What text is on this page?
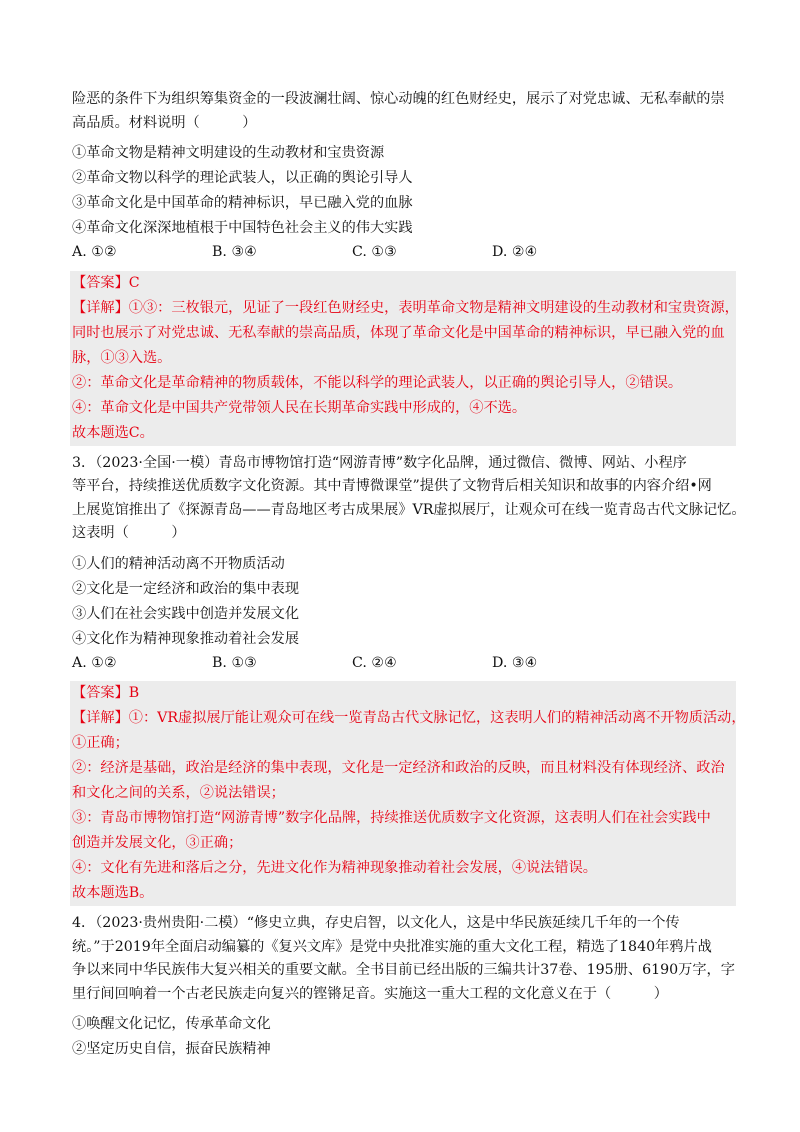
险恶的条件下为组织筹集资金的一段波澜壮阔、惊心动魄的红色财经史，展示了对党忠诚、无私奉献的崇
高品质。材料说明（　　　）
①革命文物是精神文明建设的生动教材和宝贵资源
②革命文物以科学的理论武装人，以正确的舆论引导人
③革命文化是中国革命的精神标识，早已融入党的血脉
④革命文化深深地植根于中国特色社会主义的伟大实践
A. ①②	B. ③④	C. ①③	D. ②④
【答案】C
【详解】①③：三枚银元，见证了一段红色财经史，表明革命文物是精神文明建设的生动教材和宝贵资源，
同时也展示了对党忠诚、无私奉献的崇高品质，体现了革命文化是中国革命的精神标识，早已融入党的血
脉，①③入选。
②：革命文化是革命精神的物质载体，不能以科学的理论武装人，以正确的舆论引导人，②错误。
④：革命文化是中国共产党带领人民在长期革命实践中形成的，④不选。
故本题选C。
3．（2023·全国·一模）青岛市博物馆打造“网游青博”数字化品牌，通过微信、微博、网站、小程序
等平台，持续推送优质数字文化资源。其中青博微课堂”提供了文物背后相关知识和故事的内容介绍•网
上展览馆推出了《探源青岛——青岛地区考古成果展》VR虚拟展厅，让观众可在线一览青岛古代文脉记忆。
这表明（　　　）
①人们的精神活动离不开物质活动
②文化是一定经济和政治的集中表现
③人们在社会实践中创造并发展文化
④文化作为精神现象推动着社会发展
A. ①②	B. ①③	C. ②④	D. ③④
【答案】B
【详解】①：VR虚拟展厅能让观众可在线一览青岛古代文脉记忆，这表明人们的精神活动离不开物质活动，
①正确；
②：经济是基础，政治是经济的集中表现，文化是一定经济和政治的反映，而且材料没有体现经济、政治
和文化之间的关系，②说法错误；
③：青岛市博物馆打造“网游青博”数字化品牌，持续推送优质数字文化资源，这表明人们在社会实践中
创造并发展文化，③正确；
④：文化有先进和落后之分，先进文化作为精神现象推动着社会发展，④说法错误。
故本题选B。
4．（2023·贵州贵阳·二模）“修史立典，存史启智，以文化人，这是中华民族延续几千年的一个传
统。”于2019年全面启动编纂的《复兴文库》是党中央批准实施的重大文化工程，精选了1840年鸦片战
争以来同中华民族伟大复兴相关的重要文献。全书目前已经出版的三编共计37卷、195册、6190万字，字
里行间回响着一个古老民族走向复兴的铿锵足音。实施这一重大工程的文化意义在于（　　　）
①唤醒文化记忆，传承革命文化
②坚定历史自信，振奋民族精神
